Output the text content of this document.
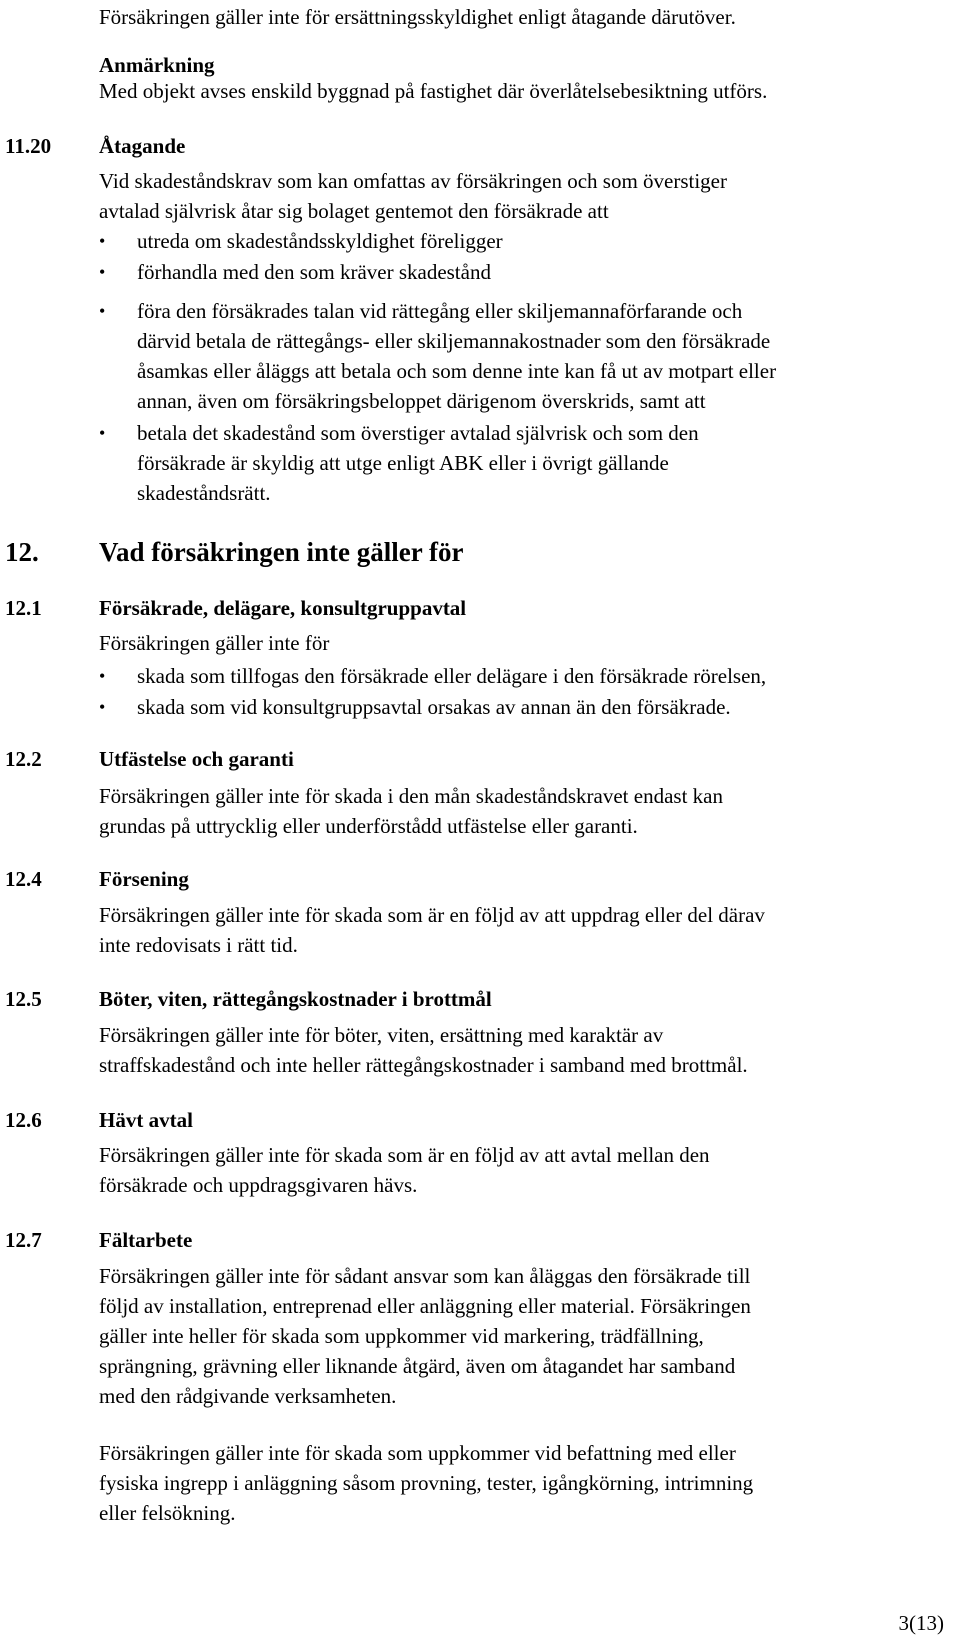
Försäkringen gäller inte för ersättningsskyldighet enligt åtagande därutöver.
Anmärkning
Med objekt avses enskild byggnad på fastighet där överlåtelsebesiktning utförs.
11.20 Åtagande
Vid skadeståndskrav som kan omfattas av försäkringen och som överstiger
avtalad självrisk åtar sig bolaget gentemot den försäkrade att
• utreda om skadeståndsskyldighet föreligger
• förhandla med den som kräver skadestånd
• föra den försäkrades talan vid rättegång eller skiljemannaförfarande och
därvid betala de rättegångs- eller skiljemannakostnader som den försäkrade
åsamkas eller åläggs att betala och som denne inte kan få ut av motpart eller
annan, även om försäkringsbeloppet därigenom överskrids, samt att
• betala det skadestånd som överstiger avtalad självrisk och som den
försäkrade är skyldig att utge enligt ABK eller i övrigt gällande
skadeståndsrätt.
12. Vad försäkringen inte gäller för
12.1	Försäkrade, delägare, konsultgruppavtal
Försäkringen gäller inte för
• skada som tillfogas den försäkrade eller delägare i den försäkrade rörelsen,
• skada som vid konsultgruppsavtal orsakas av annan än den försäkrade.
12.2	Utfästelse och garanti
Försäkringen gäller inte för skada i den mån skadeståndskravet endast kan
grundas på uttrycklig eller underförstådd utfästelse eller garanti.
12.4	Försening
Försäkringen gäller inte för skada som är en följd av att uppdrag eller del därav
inte redovisats i rätt tid.
12.5	Böter, viten, rättegångskostnader i brottmål
Försäkringen gäller inte för böter, viten, ersättning med karaktär av
straffskadestånd och inte heller rättegångskostnader i samband med brottmål.
12.6	Hävt avtal
Försäkringen gäller inte för skada som är en följd av att avtal mellan den
försäkrade och uppdragsgivaren hävs.
12.7	Fältarbete
Försäkringen gäller inte för sådant ansvar som kan åläggas den försäkrade till
följd av installation, entreprenad eller anläggning eller material. Försäkringen
gäller inte heller för skada som uppkommer vid markering, trädfällning,
sprängning, grävning eller liknande åtgärd, även om åtagandet har samband
med den rådgivande verksamheten.
Försäkringen gäller inte för skada som uppkommer vid befattning med eller
fysiska ingrepp i anläggning såsom provning, tester, igångkörning, intrimning
eller felsökning.
3(13)
